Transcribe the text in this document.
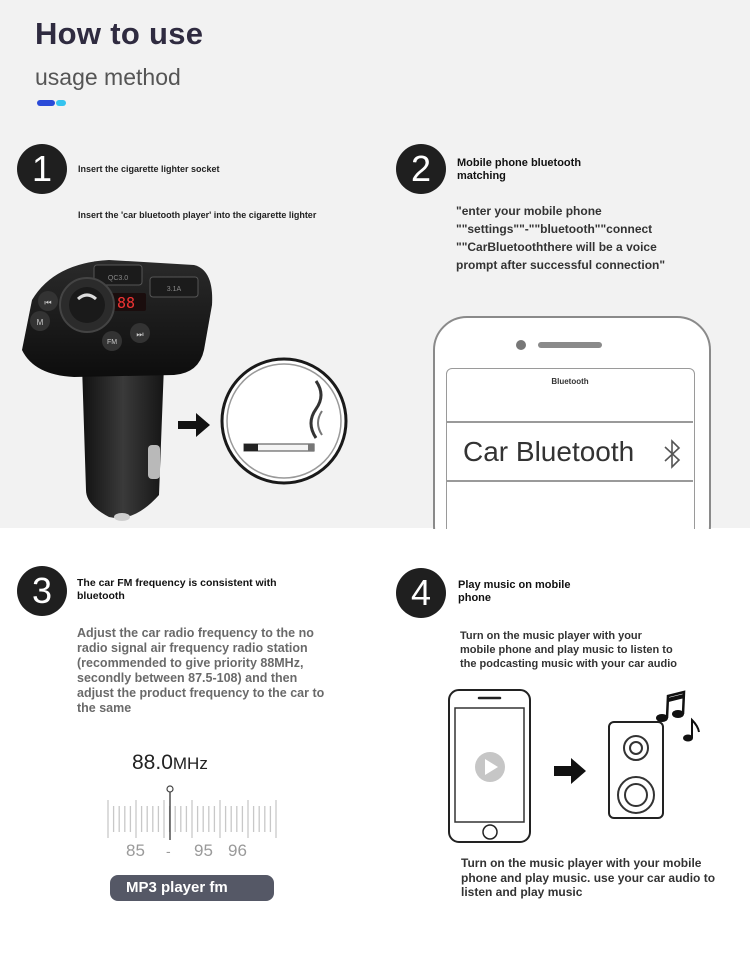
How to use
usage method
1	Insert the cigarette lighter socket
Insert the 'car bluetooth player' into the cigarette lighter
QC3.0
3.1A
88
⏮
M
⏭
FM
2	Mobile phone bluetooth
matching
"enter your mobile phone
""settings""-""bluetooth""connect
""CarBluetooththere will be a voice
prompt after successful connection"
Bluetooth
Car Bluetooth
3	The car FM frequency is consistent with
bluetooth
Adjust the car radio frequency to the no
radio signal air frequency radio station
(recommended to give priority 88MHz,
secondly between 87.5-108) and then
adjust the product frequency to the car to
the same
88.0MHz
85 - 95 96
MP3 player fm
4	Play music on mobile
phone
Turn on the music player with your
mobile phone and play music to listen to
the podcasting music with your car audio
Turn on the music player with your mobile
phone and play music. use your car audio to
listen and play music
